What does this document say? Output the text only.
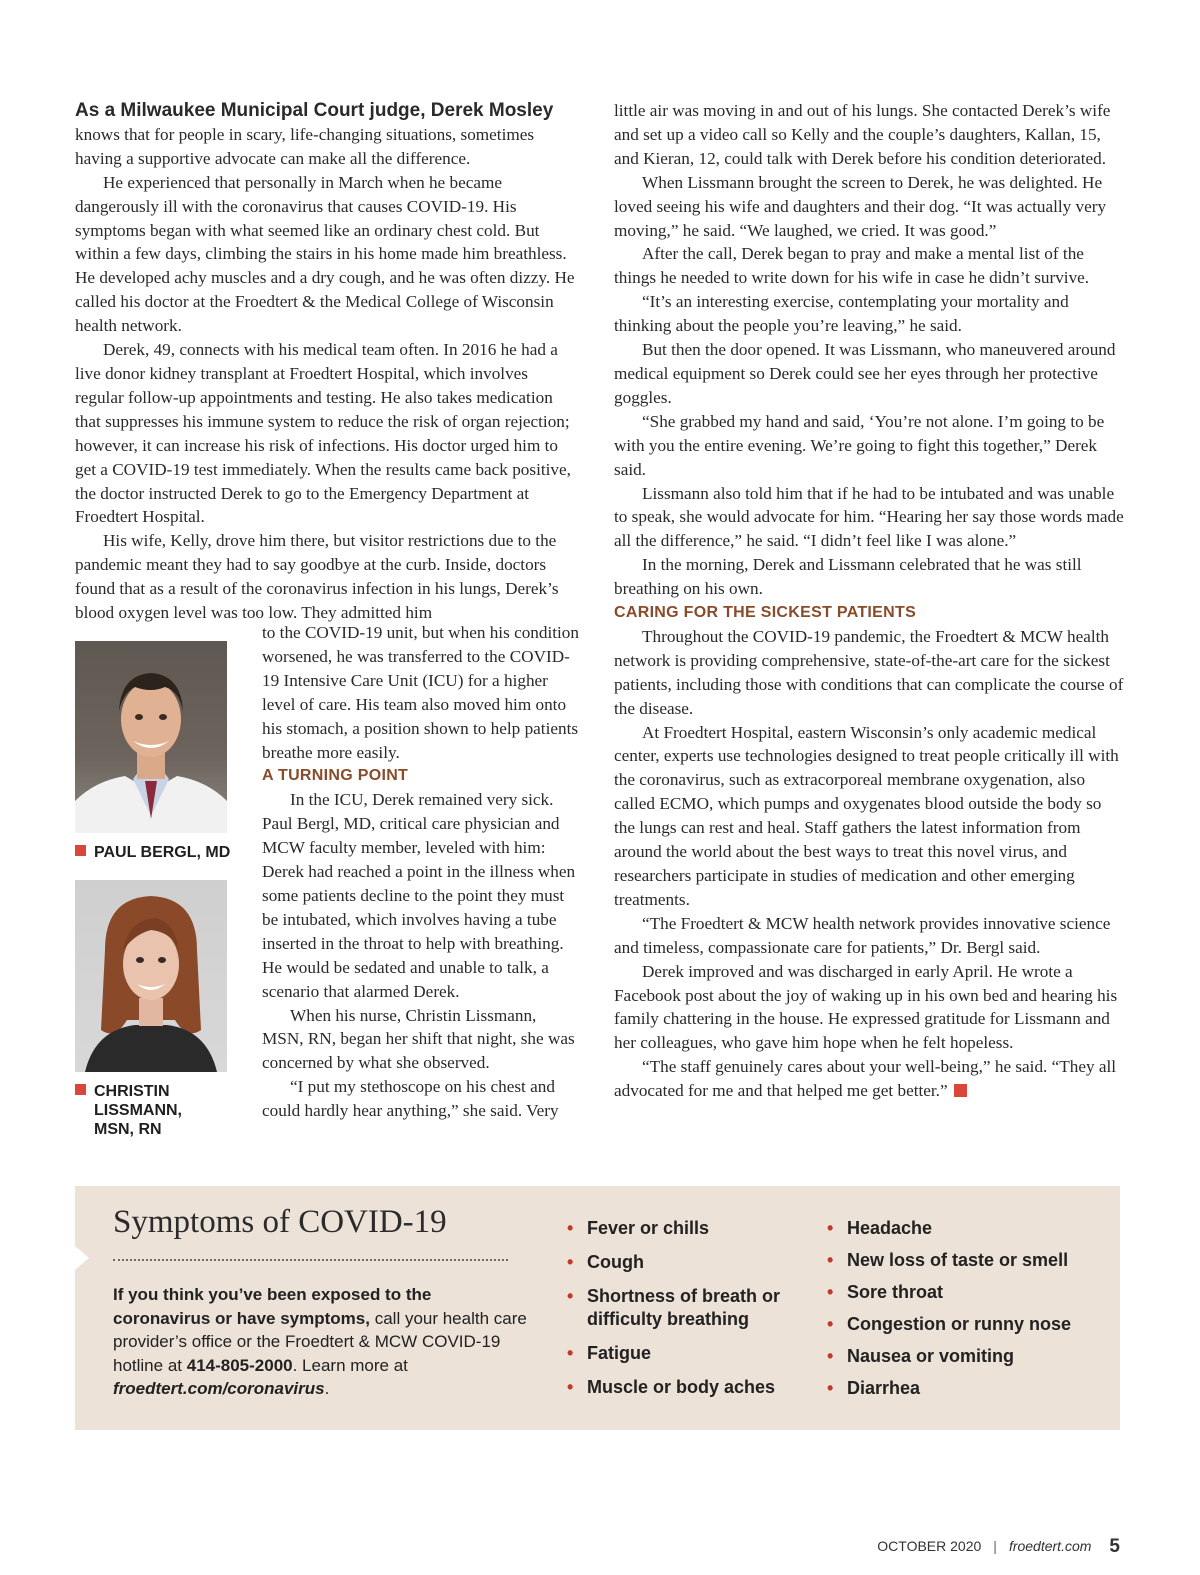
As a Milwaukee Municipal Court judge, Derek Mosley knows that for people in scary, life-changing situations, sometimes having a supportive advocate can make all the difference.

He experienced that personally in March when he became dangerously ill with the coronavirus that causes COVID-19. His symptoms began with what seemed like an ordinary chest cold. But within a few days, climbing the stairs in his home made him breathless. He developed achy muscles and a dry cough, and he was often dizzy. He called his doctor at the Froedtert & the Medical College of Wisconsin health network.

Derek, 49, connects with his medical team often. In 2016 he had a live donor kidney transplant at Froedtert Hospital, which involves regular follow-up appointments and testing. He also takes medication that suppresses his immune system to reduce the risk of organ rejection; however, it can increase his risk of infections. His doctor urged him to get a COVID-19 test immediately. When the results came back positive, the doctor instructed Derek to go to the Emergency Department at Froedtert Hospital.

His wife, Kelly, drove him there, but visitor restrictions due to the pandemic meant they had to say goodbye at the curb. Inside, doctors found that as a result of the coronavirus infection in his lungs, Derek’s blood oxygen level was too low. They admitted him

PAUL BERGL, MD
CHRISTIN
LISSMANN,
MSN, RN

to the COVID-19 unit, but when his condition worsened, he was transferred to the COVID-19 Intensive Care Unit (ICU) for a higher level of care. His team also moved him onto his stomach, a position shown to help patients breathe more easily.

A TURNING POINT

In the ICU, Derek remained very sick. Paul Bergl, MD, critical care physician and MCW faculty member, leveled with him: Derek had reached a point in the illness when some patients decline to the point they must be intubated, which involves having a tube inserted in the throat to help with breathing. He would be sedated and unable to talk, a scenario that alarmed Derek.

When his nurse, Christin Lissmann, MSN, RN, began her shift that night, she was concerned by what she observed.

“I put my stethoscope on his chest and could hardly hear anything,” she said. Very

little air was moving in and out of his lungs. She contacted Derek’s wife and set up a video call so Kelly and the couple’s daughters, Kallan, 15, and Kieran, 12, could talk with Derek before his condition deteriorated.

When Lissmann brought the screen to Derek, he was delighted. He loved seeing his wife and daughters and their dog. “It was actually very moving,” he said. “We laughed, we cried. It was good.”

After the call, Derek began to pray and make a mental list of the things he needed to write down for his wife in case he didn’t survive.

“It’s an interesting exercise, contemplating your mortality and thinking about the people you’re leaving,” he said.

But then the door opened. It was Lissmann, who maneuvered around medical equipment so Derek could see her eyes through her protective goggles.

“She grabbed my hand and said, ‘You’re not alone. I’m going to be with you the entire evening. We’re going to fight this together,” Derek said.

Lissmann also told him that if he had to be intubated and was unable to speak, she would advocate for him. “Hearing her say those words made all the difference,” he said. “I didn’t feel like I was alone.”

In the morning, Derek and Lissmann celebrated that he was still breathing on his own.

CARING FOR THE SICKEST PATIENTS

Throughout the COVID-19 pandemic, the Froedtert & MCW health network is providing comprehensive, state-of-the-art care for the sickest patients, including those with conditions that can complicate the course of the disease.

At Froedtert Hospital, eastern Wisconsin’s only academic medical center, experts use technologies designed to treat people critically ill with the coronavirus, such as extracorporeal membrane oxygenation, also called ECMO, which pumps and oxygenates blood outside the body so the lungs can rest and heal. Staff gathers the latest information from around the world about the best ways to treat this novel virus, and researchers participate in studies of medication and other emerging treatments.

“The Froedtert & MCW health network provides innovative science and timeless, compassionate care for patients,” Dr. Bergl said.

Derek improved and was discharged in early April. He wrote a Facebook post about the joy of waking up in his own bed and hearing his family chattering in the house. He expressed gratitude for Lissmann and her colleagues, who gave him hope when he felt hopeless.

“The staff genuinely cares about your well-being,” he said. “They all advocated for me and that helped me get better.”

Symptoms of COVID-19
If you think you’ve been exposed to the coronavirus or have symptoms, call your health care provider’s office or the Froedtert & MCW COVID-19 hotline at 414-805-2000. Learn more at froedtert.com/coronavirus.
• Fever or chills
• Cough
• Shortness of breath or difficulty breathing
• Fatigue
• Muscle or body aches
• Headache
• New loss of taste or smell
• Sore throat
• Congestion or runny nose
• Nausea or vomiting
• Diarrhea
OCTOBER 2020 | froedtert.com 5
